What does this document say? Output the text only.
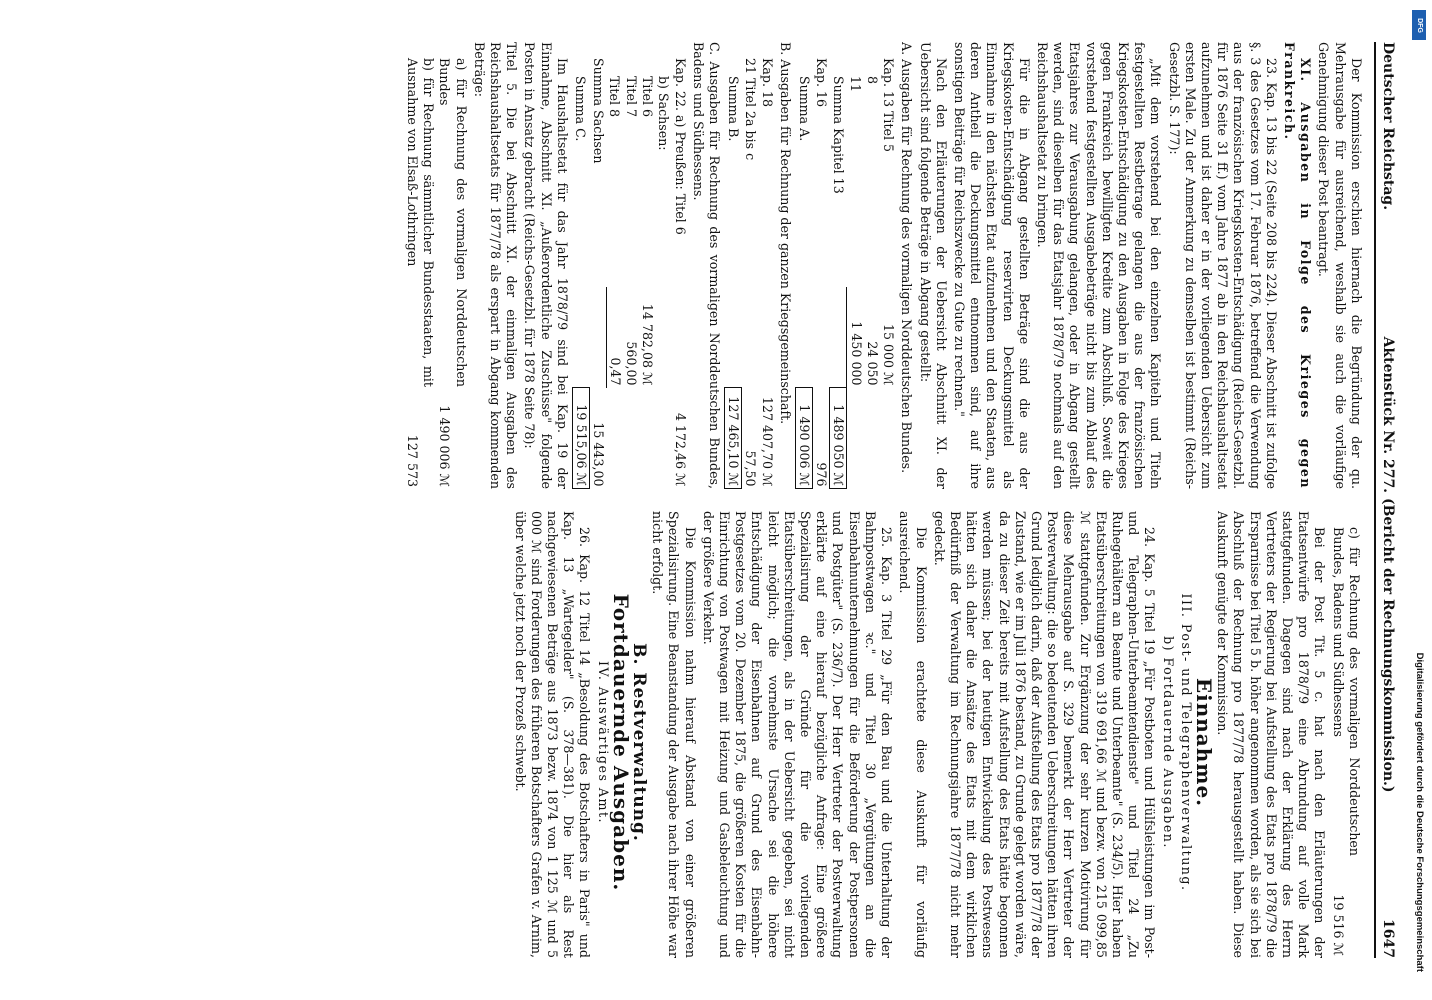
Deutscher Reichstag.
Aktenstück Nr. 277. (Bericht der Rechnungskommission.)
1647

Der Kommission erschien hiernach die Begründung der qu. Mehrausgabe für ausreichend, weshalb sie auch die vorläufige Genehmigung dieser Post beantragt.

XI. Ausgaben in Folge des Krieges gegen Frankreich.

23. Kap. 13 bis 22 (Seite 208 bis 224). Dieser Abschnitt ist zufolge §. 3 des Gesetzes vom 17. Februar 1876, betreffend die Verwendung aus der französischen Kriegskosten-Entschädigung (Reichs-Gesetzbl. für 1876 Seite 31 ff.) vom Jahre 1877 ab in den Reichshaushaltsetat aufzunehmen und ist daher er in der vorliegenden Uebersicht zum ersten Male. Zu der Anmerkung zu demselben ist bestimmt (Reichs-Gesetzbl. S. 177):

„Mit dem vorstehend bei den einzelnen Kapiteln und Titeln festgestellten Restbetrage gelangen die aus der französischen Kriegskosten-Entschädigung zu den Ausgaben in Folge des Krieges gegen Frankreich bewilligten Kredite zum Abschluß. Soweit die vorstehend festgestellten Ausgabebeträge nicht bis zum Ablauf des Etatsjahres zur Verausgabung gelangen, oder in Abgang gestellt werden, sind dieselben für das Etatsjahr 1878/79 nochmals auf den Reichshaushaltsetat zu bringen.

Für die in Abgang gestellten Beträge sind die aus der Kriegskosten-Entschädigung reservirten Deckungsmittel als Einnahme in den nächsten Etat aufzunehmen und den Staaten, aus deren Antheil die Deckungsmittel entnommen sind, auf ihre sonstigen Beiträge für Reichszwecke zu Gute zu rechnen."

Nach den Erläuterungen der Uebersicht Abschnitt XI. der Uebersicht sind folgende Beträge in Abgang gestellt:

A. Ausgaben für Rechnung des vormaligen Norddeutschen Bundes.

Kap. 13 Titel 5	15 000 ℳ	
8	24 050	
11	1 450 000	
Summa Kapitel 13		1 489 050 ℳ
Kap. 16		976
Summa A.		1 490 006 ℳ

B. Ausgaben für Rechnung der ganzen Kriegsgemeinschaft.

Kap. 18		127 407,70 ℳ
21 Titel 2a bis c		57,50
Summa B.		127 465,10 ℳ

C. Ausgaben für Rechnung des vormaligen Norddeutschen Bundes, Badens und Südhessens.

Kap. 22. a) Preußen: Titel 6		4 172,46 ℳ
b) Sachsen:		
Titel 6	14 782,08 ℳ	
Titel 7	560,00	
Titel 8	0,47	
Summa Sachsen		15 443,00
Summa C.		19 515,06 ℳ

Im Haushaltsetat für das Jahr 1878/79 sind bei Kap. 19 der Einnahme, Abschnitt XI. „Außerordentliche Zuschüsse" folgende Posten in Ansatz gebracht (Reichs-Gesetzbl. für 1878 Seite 78):

Titel 5. Die bei Abschnitt XI. der einmaligen Ausgaben des Reichshaushaltsetats für 1877/78 als erspart in Abgang kommenden Beträge:

a) für Rechnung des vormaligen Norddeutschen Bundes	1 490 006 ℳ
b) für Rechnung sämmtlicher Bundesstaaten, mit Ausnahme von Elsaß-Lothringen	127 573
c) für Rechnung des vormaligen Norddeutschen Bundes, Badens und Südhessens	19 516 ℳ

Bei der Post Tit. 5 c. hat nach den Erläuterungen der Etatsentwürfe pro 1878/79 eine Abrundung auf volle Mark stattgefunden. Dagegen sind nach der Erklärung des Herrn Vertreters der Regierung bei Aufstellung des Etats pro 1878/79 die Ersparnisse bei Titel 5 b. höher angenommen worden, als sie sich bei Abschluß der Rechnung pro 1877/78 herausgestellt haben. Diese Auskunft genügte der Kommission.

Einnahme.

III. Post- und Telegraphenverwaltung.

b) Fortdauernde Ausgaben.

24. Kap. 5 Titel 19 „Für Postboten und Hülfsleistungen im Post- und Telegraphen-Unterbeamtendienste" und Titel 24 „Zu Ruhegehältern an Beamte und Unterbeamte" (S. 234/5). Hier haben Etatsüberschreitungen von 319 691,66 ℳ und bezw. von 215 099,85 ℳ stattgefunden. Zur Ergänzung der sehr kurzen Motivirung für diese Mehrausgabe auf S. 329 bemerkt der Herr Vertreter der Postverwaltung: die so bedeutenden Ueberschreitungen hätten ihren Grund lediglich darin, daß der Aufstellung des Etats pro 1877/78 der Zustand, wie er im Juli 1876 bestand, zu Grunde gelegt worden wäre, da zu dieser Zeit bereits mit Aufstellung des Etats hätte begonnen werden müssen; bei der heutigen Entwickelung des Postwesens hätten sich daher die Ansätze des Etats mit dem wirklichen Bedürfniß der Verwaltung im Rechnungsjahre 1877/78 nicht mehr gedeckt.

Die Kommission erachtete diese Auskunft für vorläufig ausreichend.

25. Kap. 3 Titel 29 „Für den Bau und die Unterhaltung der Bahnpostwagen ꝛc." und Titel 30 „Vergütungen an die Eisenbahnunternehmungen für die Beförderung der Postpersonen und Postgüter" (S. 236/7). Der Herr Vertreter der Postverwaltung erklärte auf eine hierauf bezügliche Anfrage: Eine größere Spezialisirung der Gründe für die vorliegenden Etatsüberschreitungen, als in der Uebersicht gegeben, sei nicht leicht möglich; die vornehmste Ursache sei die höhere Entschädigung der Eisenbahnen auf Grund des Eisenbahn-Postgesetzes vom 20. Dezember 1875, die größeren Kosten für die Einrichtung von Postwagen mit Heizung und Gasbeleuchtung und der größere Verkehr.

Die Kommission nahm hierauf Abstand von einer größeren Spezialisirung. Eine Beanstandung der Ausgabe nach ihrer Höhe war nicht erfolgt.

B. Restverwaltung.

Fortdauernde Ausgaben.

IV. Auswärtiges Amt.

26. Kap. 12 Titel 14 „Besoldung des Botschafters in Paris" und Kap. 13 „Wartegelder" (S. 378—381). Die hier als Rest nachgewiesenen Beträge aus 1873 bezw. 1874 von 1 125 ℳ und 5 000 ℳ sind Forderungen des früheren Botschafters Grafen v. Arnim, über welche jetzt noch der Prozeß schwebt.

Digitalisierung gefördert durch die Deutsche Forschungsgemeinschaft
DFG
